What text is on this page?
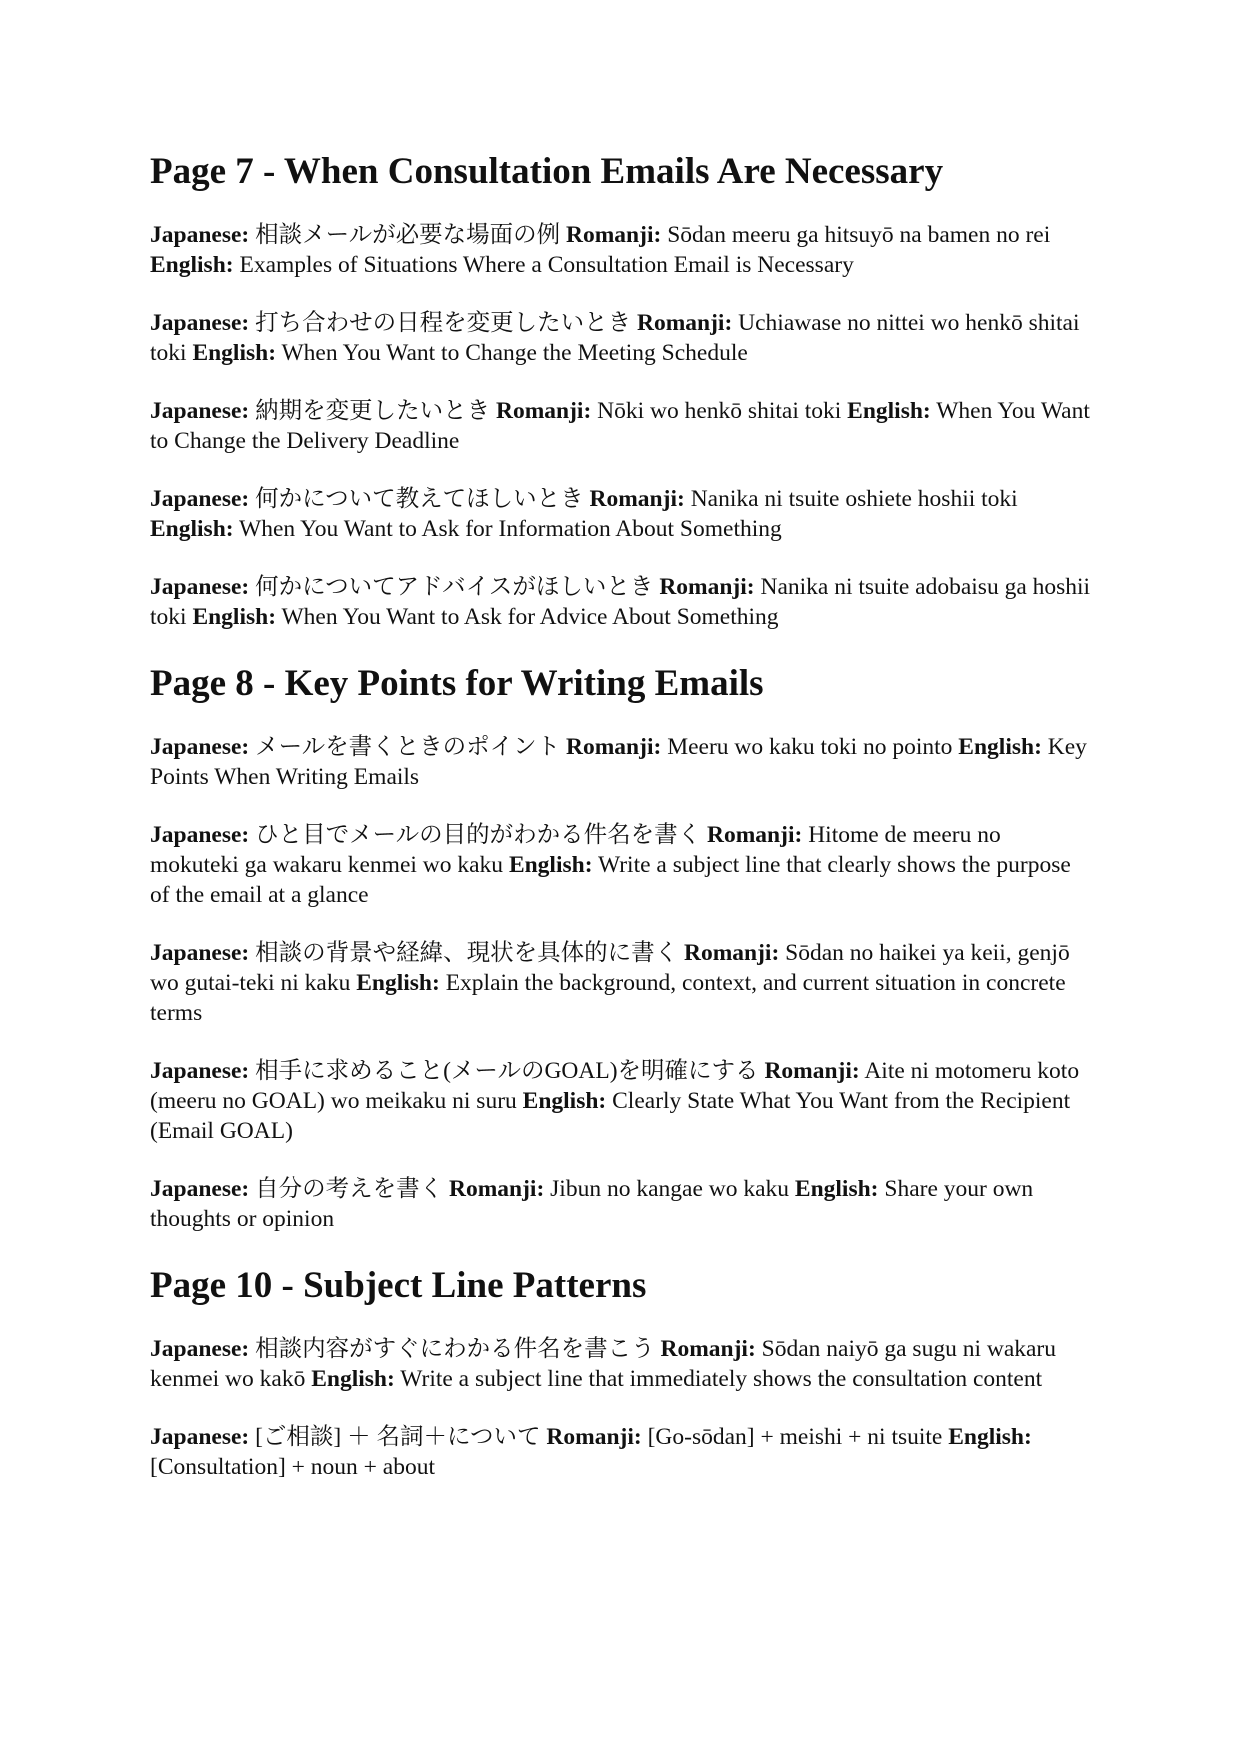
Page 7 - When Consultation Emails Are Necessary

Japanese: 相談メールが必要な場面の例 Romanji: Sōdan meeru ga hitsuyō na bamen no rei English: Examples of Situations Where a Consultation Email is Necessary

Japanese: 打ち合わせの日程を変更したいとき Romanji: Uchiawase no nittei wo henkō shitai toki English: When You Want to Change the Meeting Schedule

Japanese: 納期を変更したいとき Romanji: Nōki wo henkō shitai toki English: When You Want to Change the Delivery Deadline

Japanese: 何かについて教えてほしいとき Romanji: Nanika ni tsuite oshiete hoshii toki English: When You Want to Ask for Information About Something

Japanese: 何かについてアドバイスがほしいとき Romanji: Nanika ni tsuite adobaisu ga hoshii toki English: When You Want to Ask for Advice About Something

Page 8 - Key Points for Writing Emails

Japanese: メールを書くときのポイント Romanji: Meeru wo kaku toki no pointo English: Key Points When Writing Emails

Japanese: ひと目でメールの目的がわかる件名を書く Romanji: Hitome de meeru no mokuteki ga wakaru kenmei wo kaku English: Write a subject line that clearly shows the purpose of the email at a glance

Japanese: 相談の背景や経緯、現状を具体的に書く Romanji: Sōdan no haikei ya keii, genjō wo gutai-teki ni kaku English: Explain the background, context, and current situation in concrete terms

Japanese: 相手に求めること(メールのGOAL)を明確にする Romanji: Aite ni motomeru koto (meeru no GOAL) wo meikaku ni suru English: Clearly State What You Want from the Recipient (Email GOAL)

Japanese: 自分の考えを書く Romanji: Jibun no kangae wo kaku English: Share your own thoughts or opinion

Page 10 - Subject Line Patterns

Japanese: 相談内容がすぐにわかる件名を書こう Romanji: Sōdan naiyō ga sugu ni wakaru kenmei wo kakō English: Write a subject line that immediately shows the consultation content

Japanese: [ご相談] ＋ 名詞＋について Romanji: [Go-sōdan] + meishi + ni tsuite English: [Consultation] + noun + about
